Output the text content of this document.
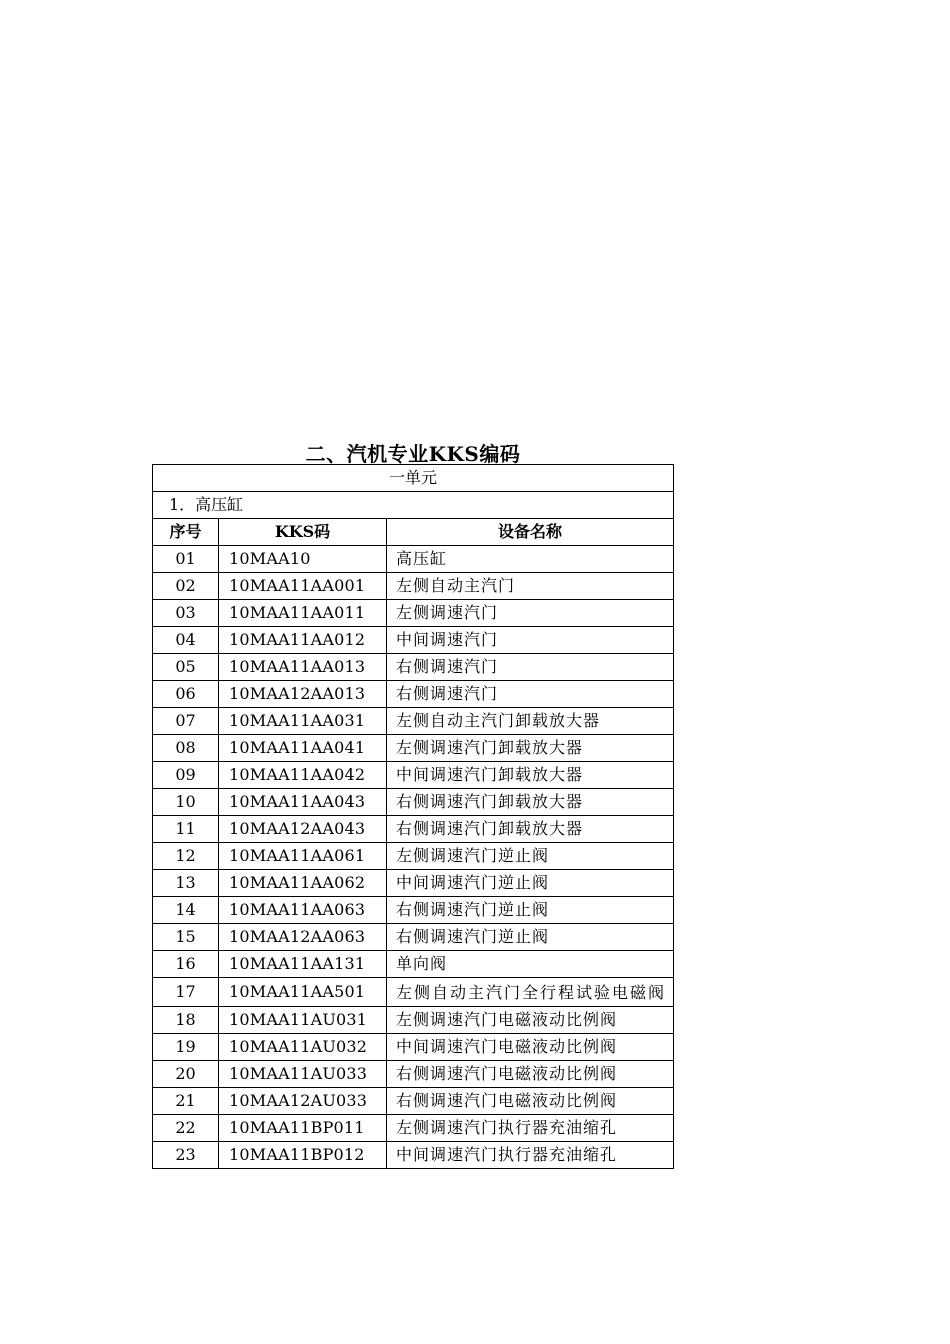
二、汽机专业KKS编码
一单元		
1．高压缸		
序号	KKS码	设备名称
01	10MAA10	高压缸
02	10MAA11AA001	左侧自动主汽门
03	10MAA11AA011	左侧调速汽门
04	10MAA11AA012	中间调速汽门
05	10MAA11AA013	右侧调速汽门
06	10MAA12AA013	右侧调速汽门
07	10MAA11AA031	左侧自动主汽门卸载放大器
08	10MAA11AA041	左侧调速汽门卸载放大器
09	10MAA11AA042	中间调速汽门卸载放大器
10	10MAA11AA043	右侧调速汽门卸载放大器
11	10MAA12AA043	右侧调速汽门卸载放大器
12	10MAA11AA061	左侧调速汽门逆止阀
13	10MAA11AA062	中间调速汽门逆止阀
14	10MAA11AA063	右侧调速汽门逆止阀
15	10MAA12AA063	右侧调速汽门逆止阀
16	10MAA11AA131	单向阀
17	10MAA11AA501	左侧自动主汽门全行程试验电磁阀
18	10MAA11AU031	左侧调速汽门电磁液动比例阀
19	10MAA11AU032	中间调速汽门电磁液动比例阀
20	10MAA11AU033	右侧调速汽门电磁液动比例阀
21	10MAA12AU033	右侧调速汽门电磁液动比例阀
22	10MAA11BP011	左侧调速汽门执行器充油缩孔
23	10MAA11BP012	中间调速汽门执行器充油缩孔
